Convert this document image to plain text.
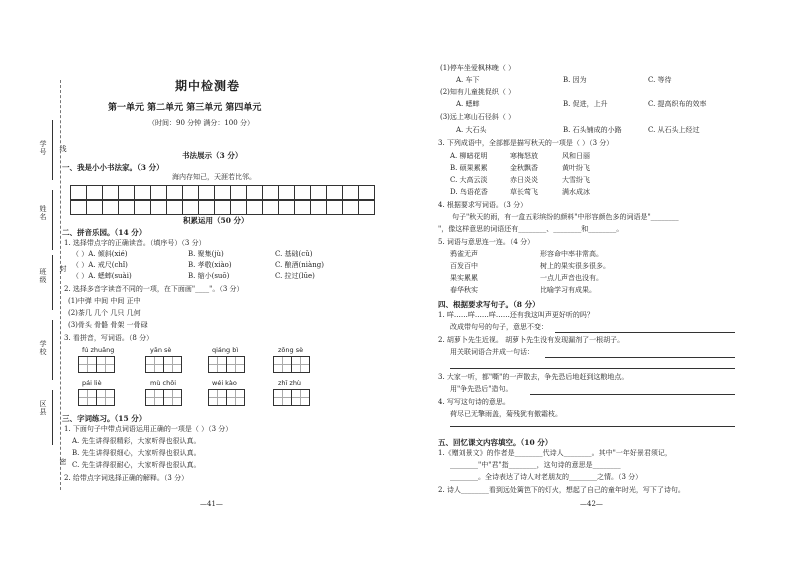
学号 线
姓名
班级 封
学校
区县
密
期中检测卷
第一单元 第二单元 第三单元 第四单元
（时间：90 分钟 满分：100 分）
书法展示（3 分）
一、我是小小书法家。（3 分）
海内存知己，天涯若比邻。
积累运用（50 分）
二、拼音乐园。（14 分）
1. 选择带点字的正确读音。（填序号）（3 分）
（ ）A. 倾斜(xié)	B. 聚集(jù)	C. 基础(cǔ)
（ ）A. 戒尺(chǐ)	B. 孝敬(xiào)	C. 酿酒(niàng)
（ ）A. 蟋蟀(suài)	B. 缩小(suō)	C. 拉过(lūe)
2. 选择多音字读音不同的一项，在下面画"____"。（3 分）
(1)中弹 中间 中间 正中
(2)茶几 几个 几只 几何
(3)骨头 骨骼 骨架 一骨碌
3. 看拼音，写词语。（8 分）
fú zhuāng	yān sè	qiáng bì	zōng sè
pái liè	mù chōi	wéi kào	zhī zhù
三、字词练习。（15 分）
1. 下面句子中带点词语运用正确的一项是（ ）（3 分）
A. 先生讲得很精彩，大家听得也很认真。
B. 先生讲得很细心，大家听得也很认真。
C. 先生讲得很耐心，大家听得也很认真。
2. 给带点字词选择正确的解释。（3 分）
—41—
(1)停车坐爱枫林晚（ ）
A. 车下	B. 因为	C. 等待
(2)知有儿童挑促织（ ）
A. 蟋蟀	B. 促进，上升	C. 提高织布的效率
(3)远上寒山石径斜（ ）
A. 大石头	B. 石头铺成的小路	C. 从石头上经过
3. 下列成语中，全部都是描写秋天的一项是（ ）（3 分）
A. 柳暗花明	寒梅怒放	风和日丽
B. 硕果累累	金秋飘香	黄叶纷飞
C. 大高云淡	赤日炎炎	大雪纷飞
D. 鸟语花香	草长莺飞	满水成冰
4. 根据要求写词语。（3 分）
句子"秋天的雨，有一盒五彩缤纷的颜料"中形容颜色多的词语是"________
"，像这样意思的词语还有________、________和________。
5. 词语与意思连一连。（4 分）
鸦雀无声
百发百中
果实累累
春华秋实
形容命中率非常高。
树上的果实很多很多。
一点儿声音也没有。
比喻学习有成果。
四、根据要求写句子。（8 分）
1. 咩……咩……咩……还有我这叫声更好听的吗？
改成带句号的句子，意思不变：
2. 胡萝卜先生近视。 胡萝卜先生没有发现漏剂了一根胡子。
用关联词语合并成一句话：
3. 大家一听，都"嘶"的一声散去，争先恐后地赶到这粮地点。
用"争先恐后"造句。
4. 写写这句诗的意思。
荷尽已无擎雨盖，菊残犹有傲霜枝。
五、回忆课文内容填空。（10 分）
1.《赠刘景文》的作者是________代诗人________。其中"一年好景君须记，
________"中"君"指________，这句诗的意思是________
________。全诗表达了诗人对老朋友的________之情。（3 分）
2. 诗人________看到远处篱笆下的灯火，想起了自己的童年时光，写下了诗句。
—42—
